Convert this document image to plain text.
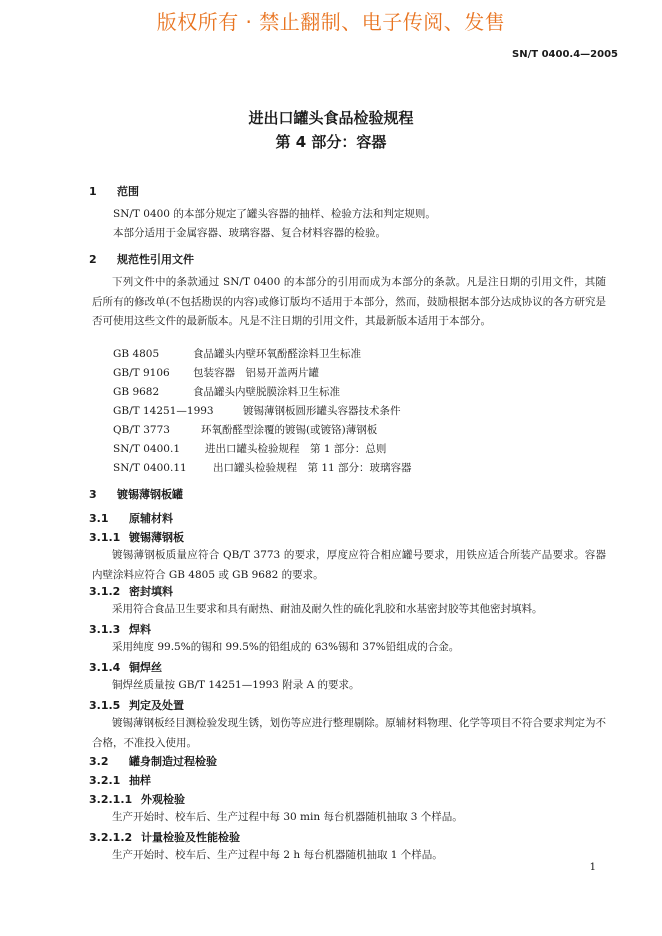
版权所有 · 禁止翻制、电子传阅、发售
SN/T 0400.4—2005
进出口罐头食品检验规程
第 4 部分：容器
1 范围
SN/T 0400 的本部分规定了罐头容器的抽样、检验方法和判定规则。
本部分适用于金属容器、玻璃容器、复合材料容器的检验。
2 规范性引用文件
下列文件中的条款通过 SN/T 0400 的本部分的引用而成为本部分的条款。凡是注日期的引用文件，其随后所有的修改单(不包括勘误的内容)或修订版均不适用于本部分，然而，鼓励根据本部分达成协议的各方研究是否可使用这些文件的最新版本。凡是不注日期的引用文件，其最新版本适用于本部分。
GB 4805	食品罐头内壁环氧酚醛涂料卫生标准
GB/T 9106 包装容器　铝易开盖两片罐
GB 9682	食品罐头内壁脱膜涂料卫生标准
GB/T 14251—1993	镀锡薄钢板圆形罐头容器技术条件
QB/T 3773	环氧酚醛型涂覆的镀锡(或镀铬)薄钢板
SN/T 0400.1 进出口罐头检验规程　第 1 部分：总则
SN/T 0400.11	出口罐头检验规程　第 11 部分：玻璃容器
3 镀锡薄钢板罐
3.1 原辅材料
3.1.1 镀锡薄钢板
镀锡薄钢板质量应符合 QB/T 3773 的要求，厚度应符合相应罐号要求，用铁应适合所装产品要求。容器内壁涂料应符合 GB 4805 或 GB 9682 的要求。
3.1.2 密封填料
采用符合食品卫生要求和具有耐热、耐油及耐久性的硫化乳胶和水基密封胶等其他密封填料。
3.1.3 焊料
采用纯度 99.5%的锡和 99.5%的铅组成的 63%锡和 37%铅组成的合金。
3.1.4 铜焊丝
铜焊丝质量按 GB/T 14251—1993 附录 A 的要求。
3.1.5 判定及处置
镀锡薄钢板经目测检验发现生锈，划伤等应进行整理剔除。原辅材料物理、化学等项目不符合要求判定为不合格，不准投入使用。
3.2 罐身制造过程检验
3.2.1 抽样
3.2.1.1 外观检验
生产开始时、校车后、生产过程中每 30 min 每台机器随机抽取 3 个样品。
3.2.1.2 计量检验及性能检验
生产开始时、校车后、生产过程中每 2 h 每台机器随机抽取 1 个样品。
1
